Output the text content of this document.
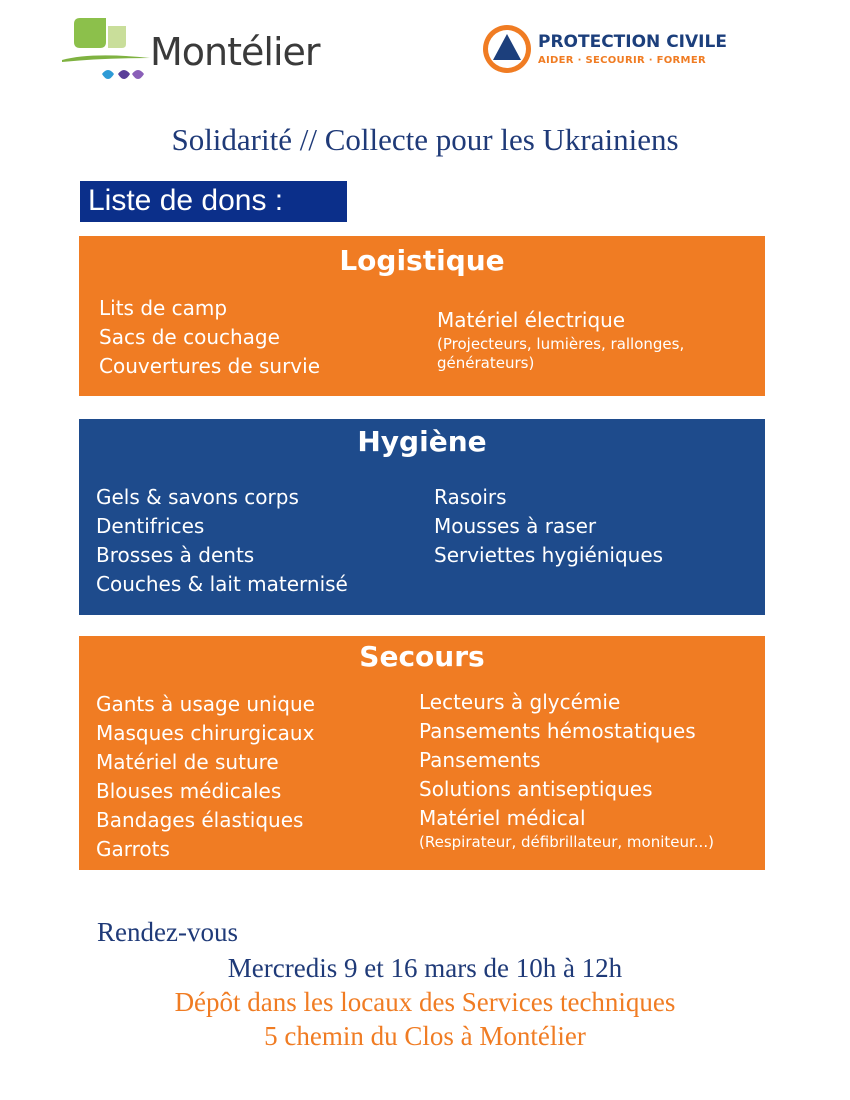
Montélier	PROTECTION CIVILE
AIDER · SECOURIR · FORMER
Solidarité // Collecte pour les Ukrainiens
Liste de dons :
Logistique
Lits de camp
Sacs de couchage
Couvertures de survie
Matériel électrique
(Projecteurs, lumières, rallonges,
générateurs)
Hygiène
Gels & savons corps
Dentifrices
Brosses à dents
Couches & lait maternisé
Rasoirs
Mousses à raser
Serviettes hygiéniques
Secours
Gants à usage unique
Masques chirurgicaux
Matériel de suture
Blouses médicales
Bandages élastiques
Garrots
Lecteurs à glycémie
Pansements hémostatiques
Pansements
Solutions antiseptiques
Matériel médical
(Respirateur, défibrillateur, moniteur...)
Rendez-vous
Mercredis 9 et 16 mars de 10h à 12h
Dépôt dans les locaux des Services techniques
5 chemin du Clos à Montélier
